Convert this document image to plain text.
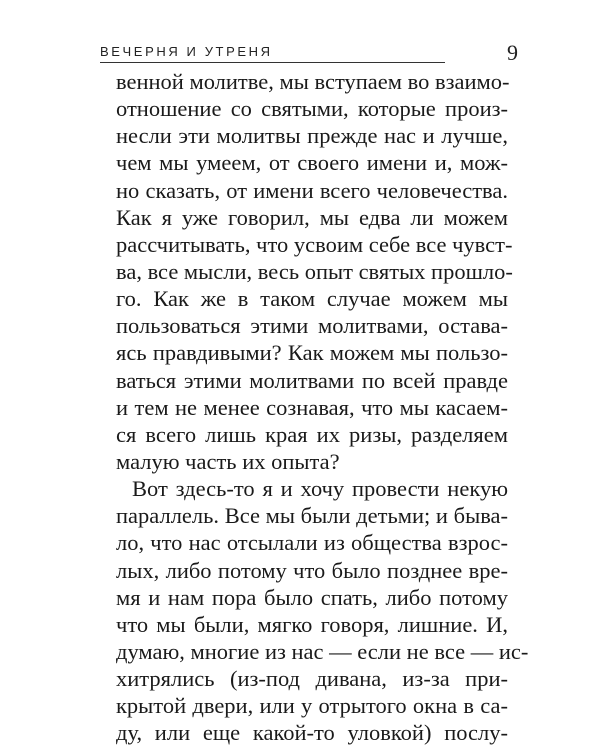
ВЕЧЕРНЯ И УТРЕНЯ	9
венной молитве, мы вступаем во взаимо-
отношение со святыми, которые произ-
несли эти молитвы прежде нас и лучше,
чем мы умеем, от своего имени и, мож-
но сказать, от имени всего человечества.
Как я уже говорил, мы едва ли можем
рассчитывать, что усвоим себе все чувст-
ва, все мысли, весь опыт святых прошло-
го. Как же в таком случае можем мы
пользоваться этими молитвами, остава-
ясь правдивыми? Как можем мы пользо-
ваться этими молитвами по всей правде
и тем не менее сознавая, что мы касаем-
ся всего лишь края их ризы, разделяем
малую часть их опыта?
Вот здесь-то я и хочу провести некую
параллель. Все мы были детьми; и быва-
ло, что нас отсылали из общества взрос-
лых, либо потому что было позднее вре-
мя и нам пора было спать, либо потому
что мы были, мягко говоря, лишние. И,
думаю, многие из нас — если не все — ис-
хитрялись (из-под дивана, из-за при-
крытой двери, или у отрытого окна в са-
ду, или еще какой-то уловкой) послу-
